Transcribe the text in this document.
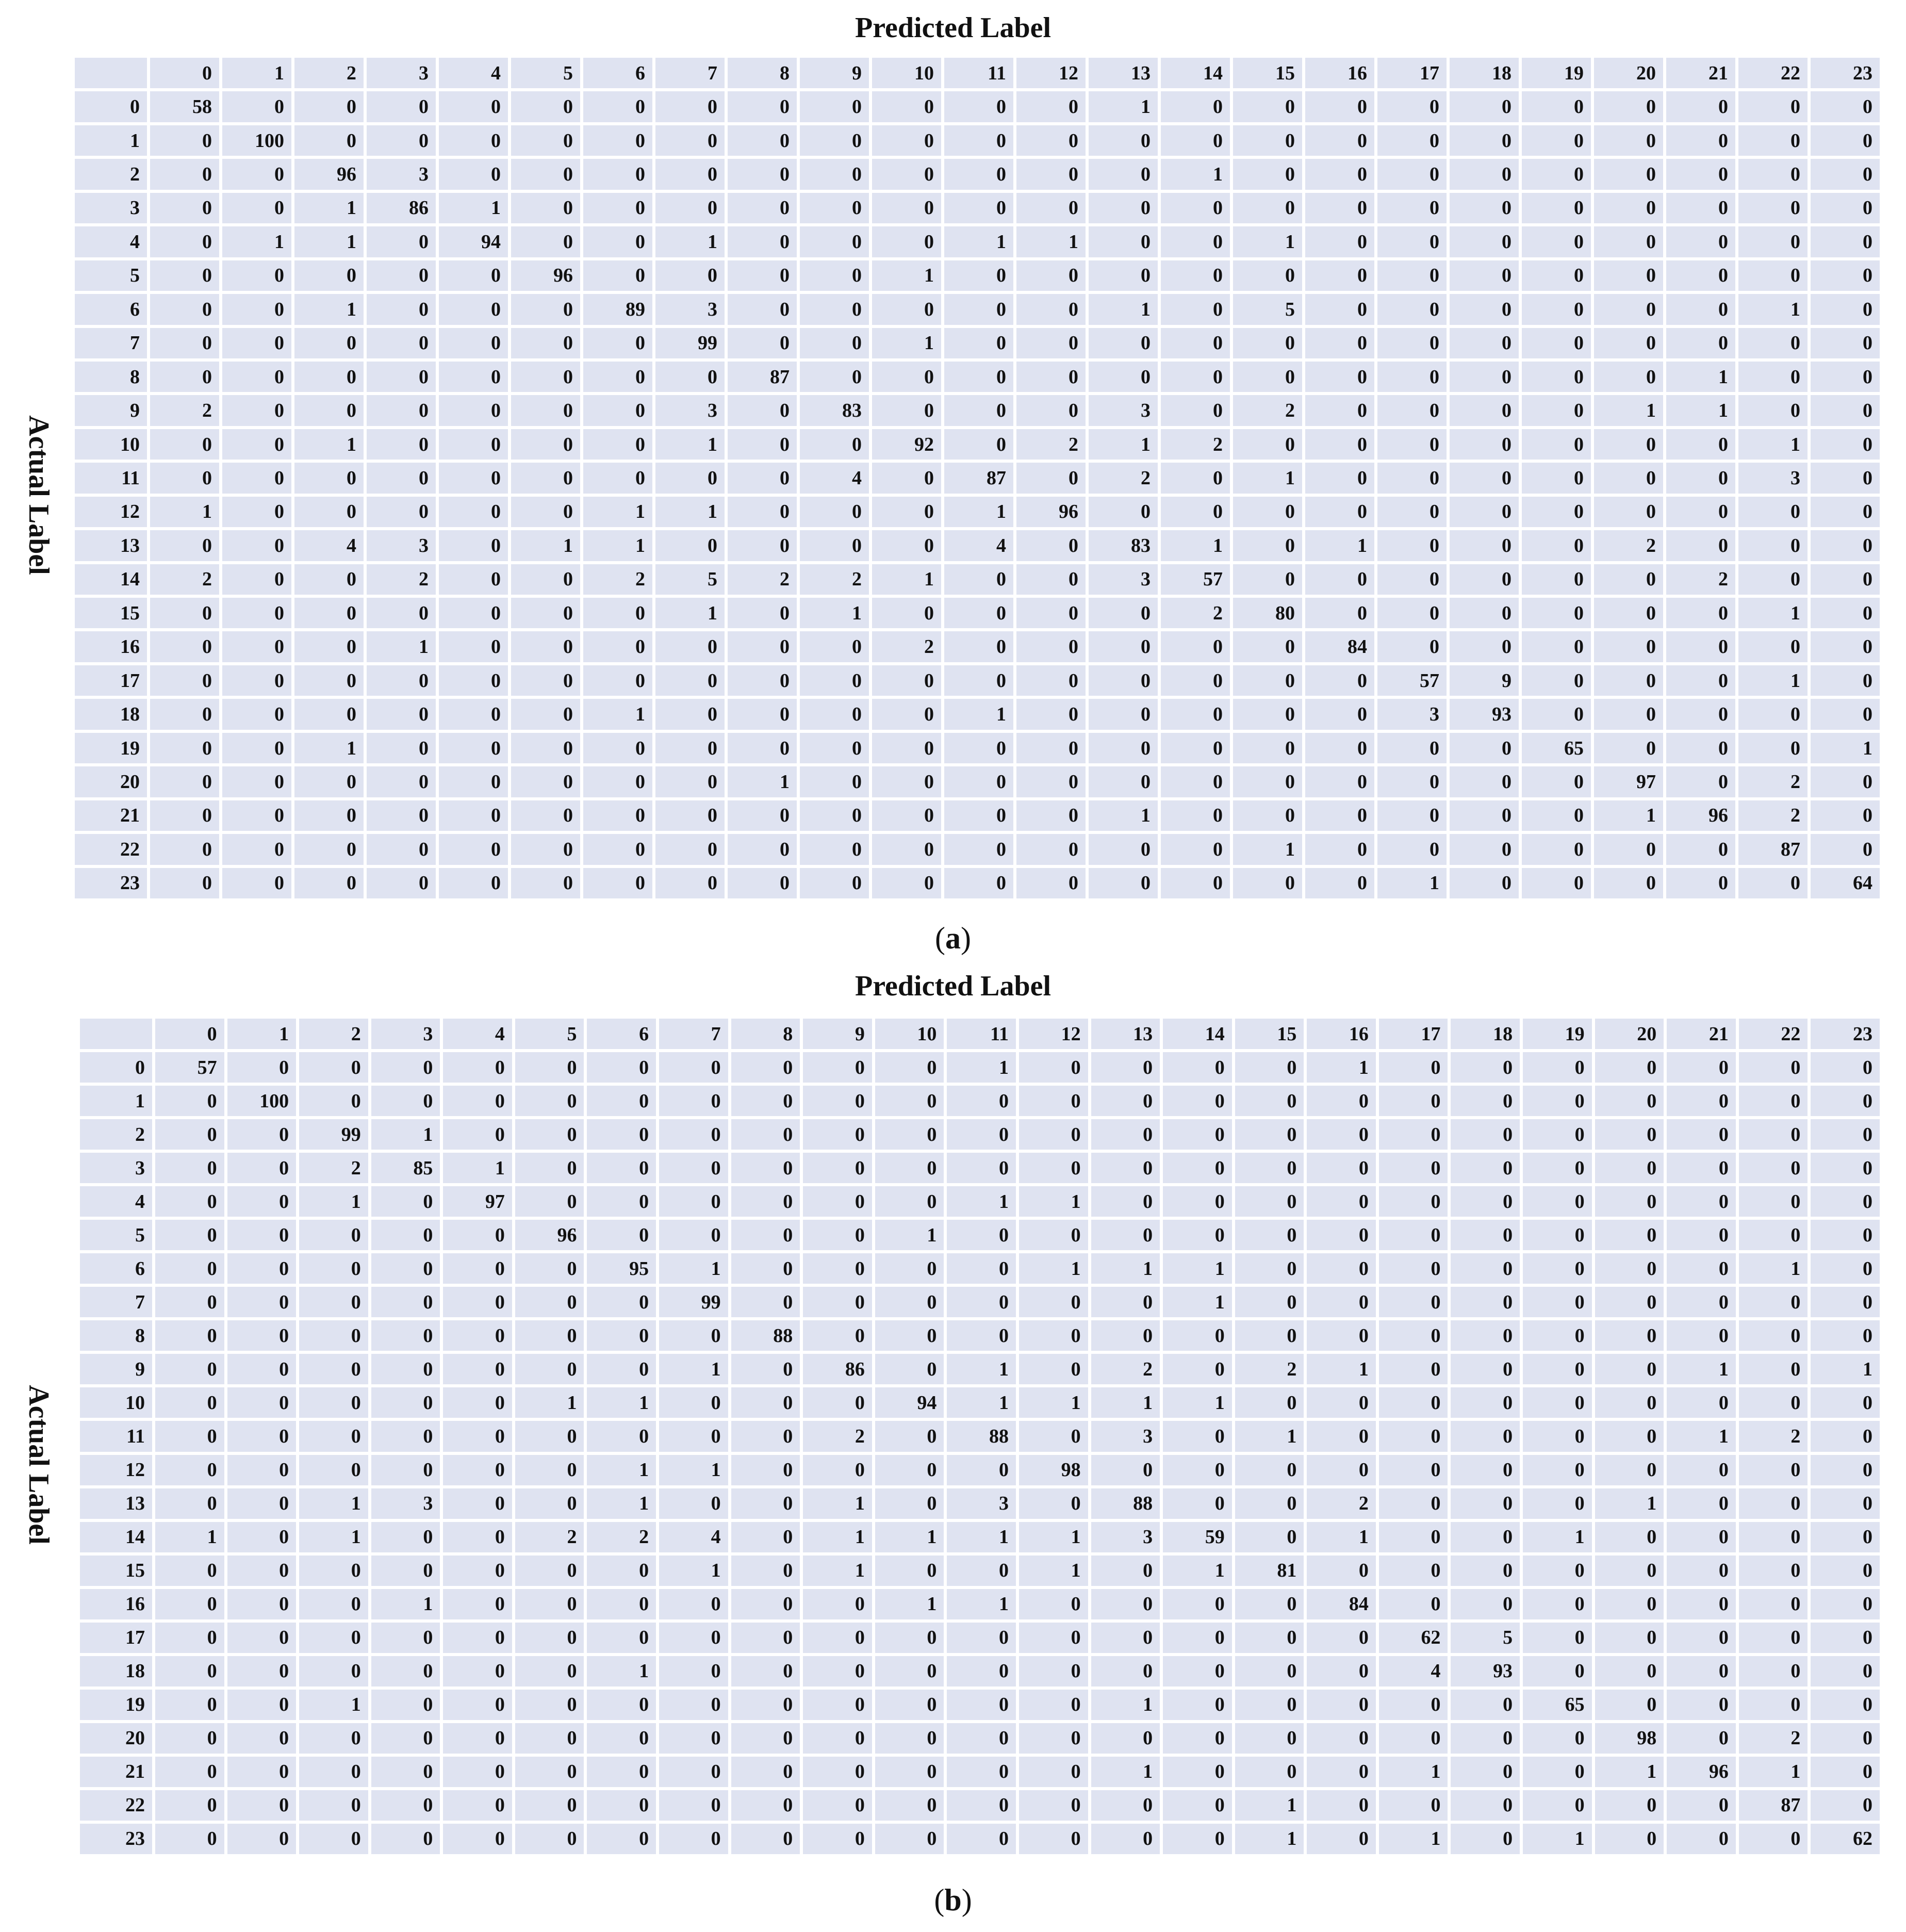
Predicted Label
Actual Label
0	1	2	3	4	5	6	7	8	9	10	11	12	13	14	15	16	17	18	19	20	21	22	23
0	58	0	0	0	0	0	0	0	0	0	0	0	0	1	0	0	0	0	0	0	0	0	0	0
1	0	100	0	0	0	0	0	0	0	0	0	0	0	0	0	0	0	0	0	0	0	0	0	0
2	0	0	96	3	0	0	0	0	0	0	0	0	0	0	1	0	0	0	0	0	0	0	0	0
3	0	0	1	86	1	0	0	0	0	0	0	0	0	0	0	0	0	0	0	0	0	0	0	0
4	0	1	1	0	94	0	0	1	0	0	0	1	1	0	0	1	0	0	0	0	0	0	0	0
5	0	0	0	0	0	96	0	0	0	0	1	0	0	0	0	0	0	0	0	0	0	0	0	0
6	0	0	1	0	0	0	89	3	0	0	0	0	0	1	0	5	0	0	0	0	0	0	1	0
7	0	0	0	0	0	0	0	99	0	0	1	0	0	0	0	0	0	0	0	0	0	0	0	0
8	0	0	0	0	0	0	0	0	87	0	0	0	0	0	0	0	0	0	0	0	0	1	0	0
9	2	0	0	0	0	0	0	3	0	83	0	0	0	3	0	2	0	0	0	0	1	1	0	0
10	0	0	1	0	0	0	0	1	0	0	92	0	2	1	2	0	0	0	0	0	0	0	1	0
11	0	0	0	0	0	0	0	0	0	4	0	87	0	2	0	1	0	0	0	0	0	0	3	0
12	1	0	0	0	0	0	1	1	0	0	0	1	96	0	0	0	0	0	0	0	0	0	0	0
13	0	0	4	3	0	1	1	0	0	0	0	4	0	83	1	0	1	0	0	0	2	0	0	0
14	2	0	0	2	0	0	2	5	2	2	1	0	0	3	57	0	0	0	0	0	0	2	0	0
15	0	0	0	0	0	0	0	1	0	1	0	0	0	0	2	80	0	0	0	0	0	0	1	0
16	0	0	0	1	0	0	0	0	0	0	2	0	0	0	0	0	84	0	0	0	0	0	0	0
17	0	0	0	0	0	0	0	0	0	0	0	0	0	0	0	0	0	57	9	0	0	0	1	0
18	0	0	0	0	0	0	1	0	0	0	0	1	0	0	0	0	0	3	93	0	0	0	0	0
19	0	0	1	0	0	0	0	0	0	0	0	0	0	0	0	0	0	0	0	65	0	0	0	1
20	0	0	0	0	0	0	0	0	1	0	0	0	0	0	0	0	0	0	0	0	97	0	2	0
21	0	0	0	0	0	0	0	0	0	0	0	0	0	1	0	0	0	0	0	0	1	96	2	0
22	0	0	0	0	0	0	0	0	0	0	0	0	0	0	0	1	0	0	0	0	0	0	87	0
23	0	0	0	0	0	0	0	0	0	0	0	0	0	0	0	0	0	1	0	0	0	0	0	64
(a)
Predicted Label
Actual Label
0	1	2	3	4	5	6	7	8	9	10	11	12	13	14	15	16	17	18	19	20	21	22	23
0	57	0	0	0	0	0	0	0	0	0	0	1	0	0	0	0	1	0	0	0	0	0	0	0
1	0	100	0	0	0	0	0	0	0	0	0	0	0	0	0	0	0	0	0	0	0	0	0	0
2	0	0	99	1	0	0	0	0	0	0	0	0	0	0	0	0	0	0	0	0	0	0	0	0
3	0	0	2	85	1	0	0	0	0	0	0	0	0	0	0	0	0	0	0	0	0	0	0	0
4	0	0	1	0	97	0	0	0	0	0	0	1	1	0	0	0	0	0	0	0	0	0	0	0
5	0	0	0	0	0	96	0	0	0	0	1	0	0	0	0	0	0	0	0	0	0	0	0	0
6	0	0	0	0	0	0	95	1	0	0	0	0	1	1	1	0	0	0	0	0	0	0	1	0
7	0	0	0	0	0	0	0	99	0	0	0	0	0	0	1	0	0	0	0	0	0	0	0	0
8	0	0	0	0	0	0	0	0	88	0	0	0	0	0	0	0	0	0	0	0	0	0	0	0
9	0	0	0	0	0	0	0	1	0	86	0	1	0	2	0	2	1	0	0	0	0	1	0	1
10	0	0	0	0	0	1	1	0	0	0	94	1	1	1	1	0	0	0	0	0	0	0	0	0
11	0	0	0	0	0	0	0	0	0	2	0	88	0	3	0	1	0	0	0	0	0	1	2	0
12	0	0	0	0	0	0	1	1	0	0	0	0	98	0	0	0	0	0	0	0	0	0	0	0
13	0	0	1	3	0	0	1	0	0	1	0	3	0	88	0	0	2	0	0	0	1	0	0	0
14	1	0	1	0	0	2	2	4	0	1	1	1	1	3	59	0	1	0	0	1	0	0	0	0
15	0	0	0	0	0	0	0	1	0	1	0	0	1	0	1	81	0	0	0	0	0	0	0	0
16	0	0	0	1	0	0	0	0	0	0	1	1	0	0	0	0	84	0	0	0	0	0	0	0
17	0	0	0	0	0	0	0	0	0	0	0	0	0	0	0	0	0	62	5	0	0	0	0	0
18	0	0	0	0	0	0	1	0	0	0	0	0	0	0	0	0	0	4	93	0	0	0	0	0
19	0	0	1	0	0	0	0	0	0	0	0	0	0	1	0	0	0	0	0	65	0	0	0	0
20	0	0	0	0	0	0	0	0	0	0	0	0	0	0	0	0	0	0	0	0	98	0	2	0
21	0	0	0	0	0	0	0	0	0	0	0	0	0	1	0	0	0	1	0	0	1	96	1	0
22	0	0	0	0	0	0	0	0	0	0	0	0	0	0	0	1	0	0	0	0	0	0	87	0
23	0	0	0	0	0	0	0	0	0	0	0	0	0	0	0	1	0	1	0	1	0	0	0	62
(b)
